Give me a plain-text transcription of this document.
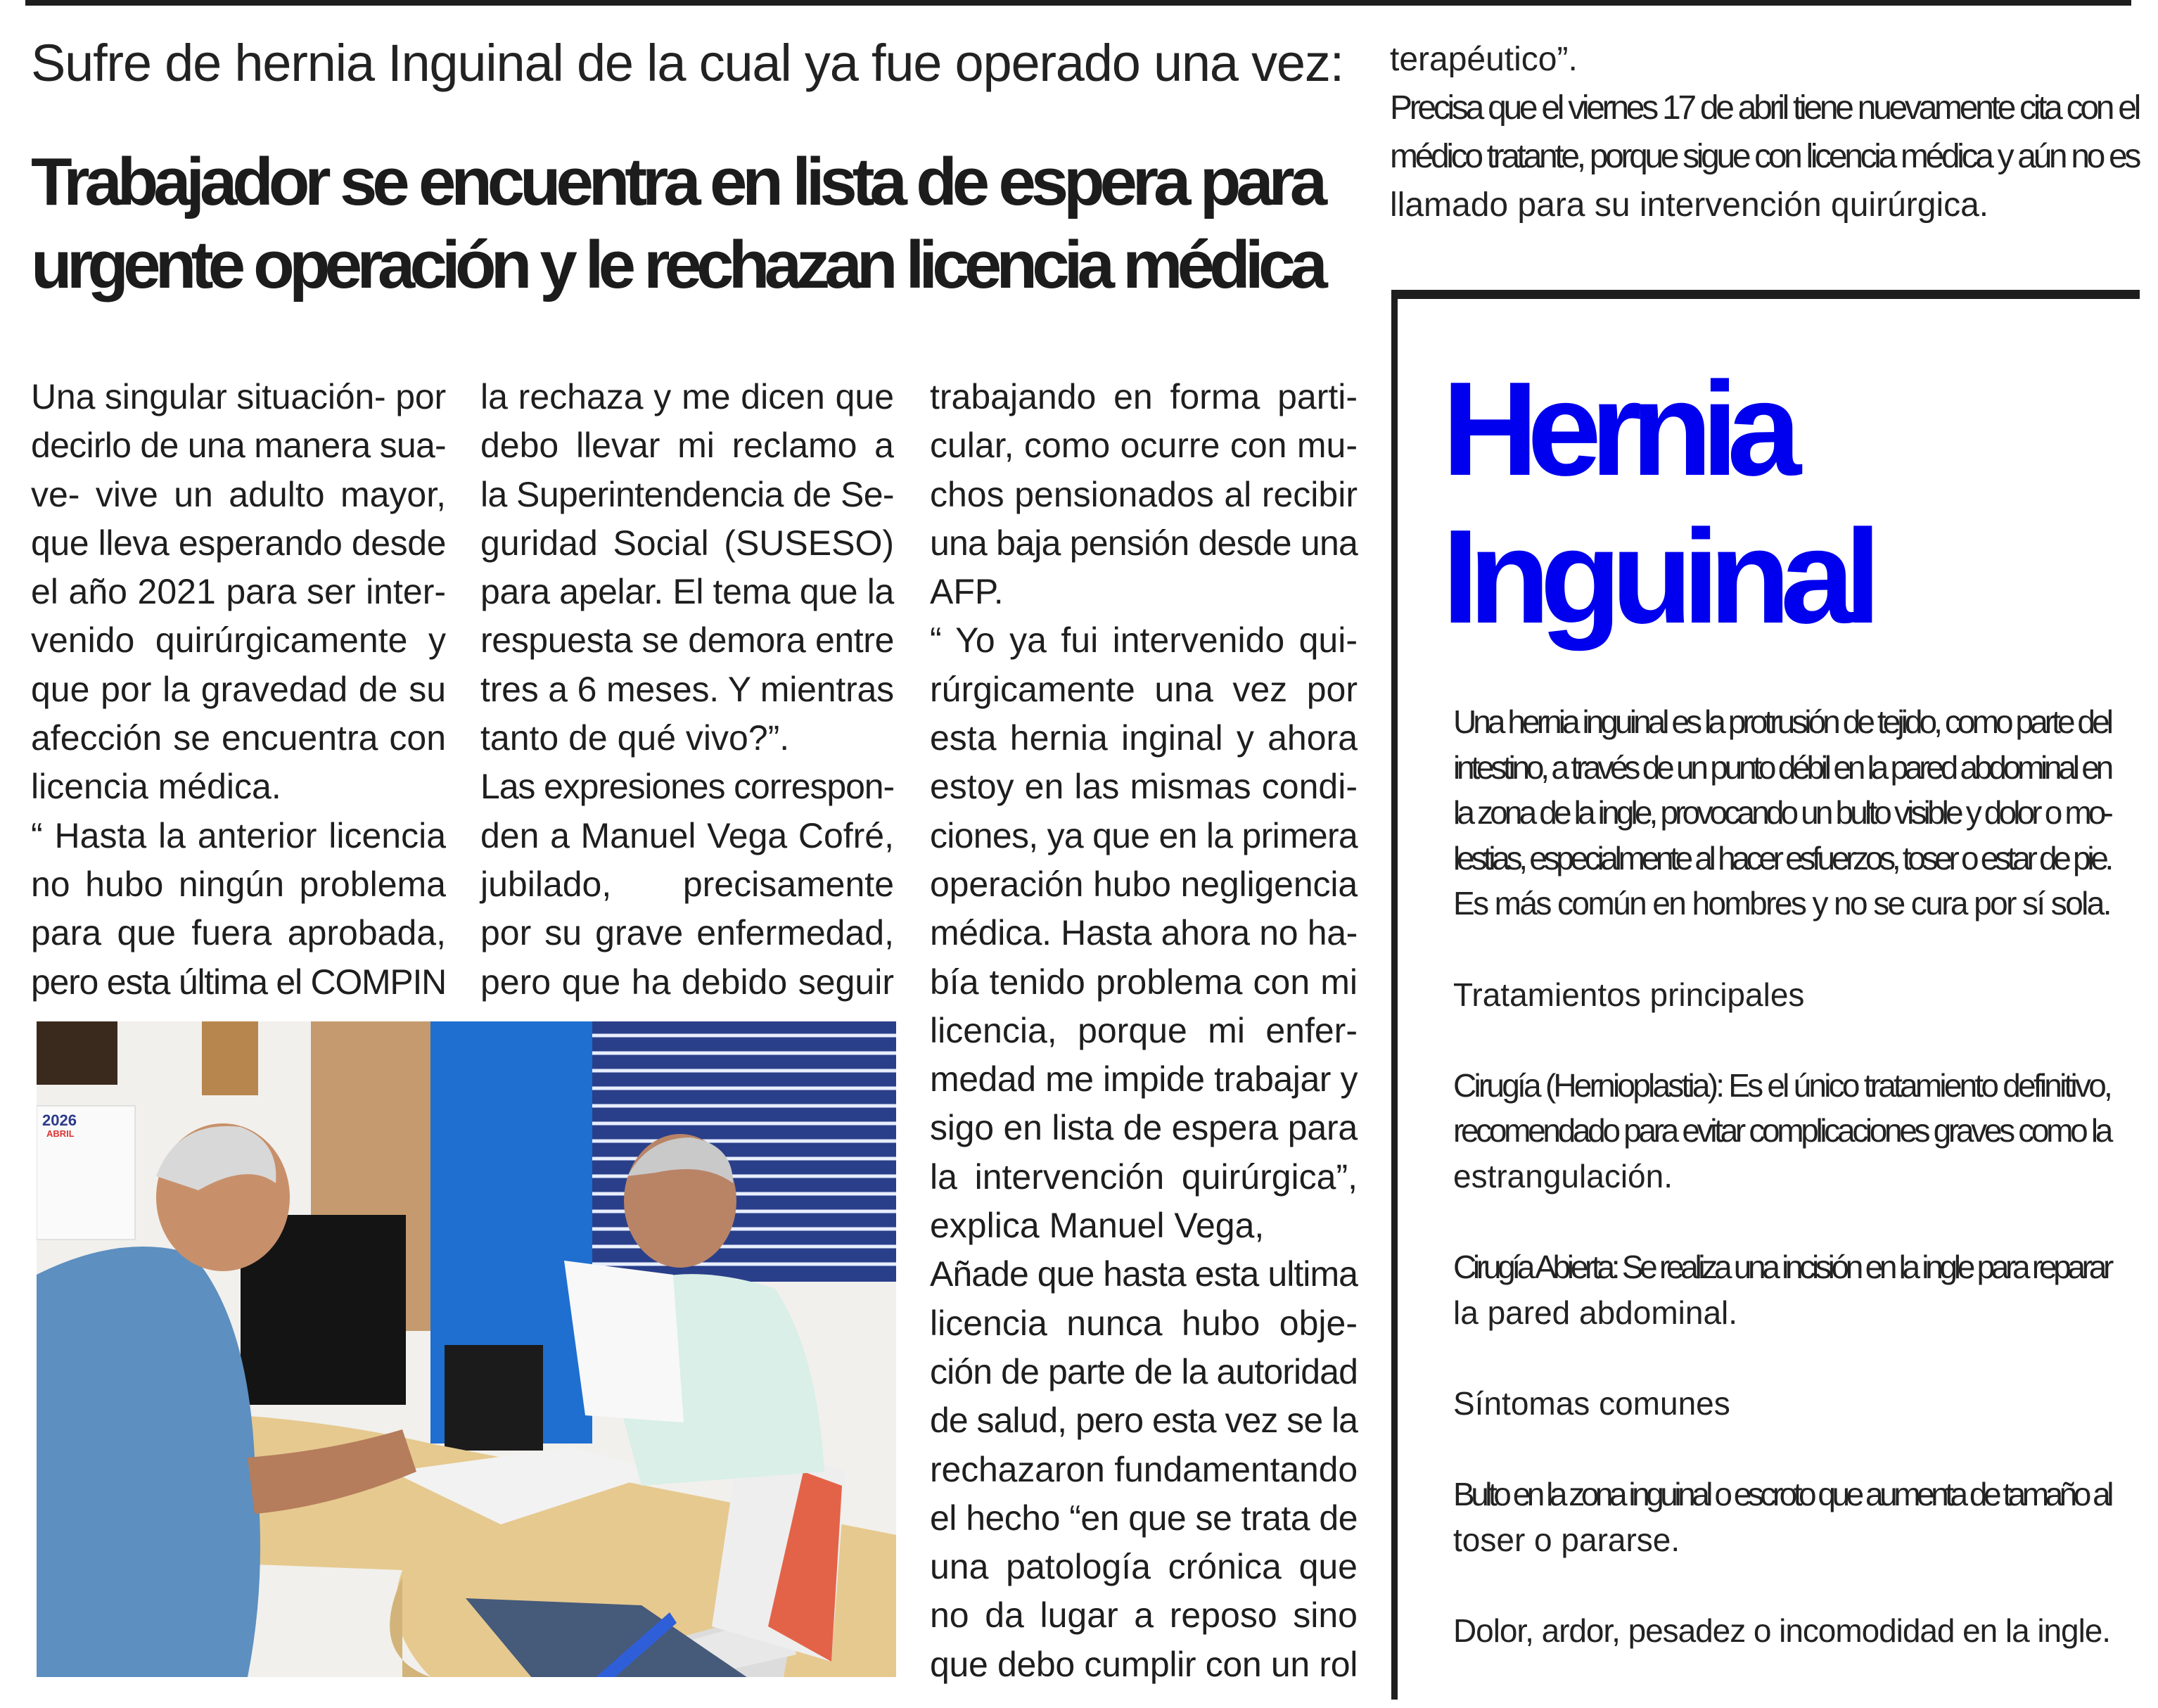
Sufre de hernia Inguinal de la cual ya fue operado una vez:
Trabajador se encuentra en lista de espera para
urgente operación y le rechazan licencia médica
terapéutico”.
Precisa que el viernes 17 de abril tiene nuevamente cita con el
médico tratante, porque sigue con licencia médica y aún no es
llamado para su intervención quirúrgica.
Una singular situación- por
decirlo de una manera sua-
ve- vive un adulto mayor,
que lleva esperando desde
el año 2021 para ser inter-
venido quirúrgicamente y
que por la gravedad de su
afección se encuentra con
licencia médica.
“ Hasta la anterior licencia
no hubo ningún problema
para que fuera aprobada,
pero esta última el COMPIN
la rechaza y me dicen que
debo llevar mi reclamo a
la Superintendencia de Se-
guridad Social (SUSESO)
para apelar. El tema que la
respuesta se demora entre
tres a 6 meses. Y mientras
tanto de qué vivo?”.
Las expresiones correspon-
den a Manuel Vega Cofré,
jubilado, precisamente
por su grave enfermedad,
pero que ha debido seguir
trabajando en forma parti-
cular, como ocurre con mu-
chos pensionados al recibir
una baja pensión desde una
AFP.
“ Yo ya fui intervenido qui-
rúrgicamente una vez por
esta hernia inginal y ahora
estoy en las mismas condi-
ciones, ya que en la primera
operación hubo negligencia
médica. Hasta ahora no ha-
bía tenido problema con mi
licencia, porque mi enfer-
medad me impide trabajar y
sigo en lista de espera para
la intervención quirúrgica”,
explica Manuel Vega,
Añade que hasta esta ultima
licencia nunca hubo obje-
ción de parte de la autoridad
de salud, pero esta vez se la
rechazaron fundamentando
el hecho “en que se trata de
una patología crónica que
no da lugar a reposo sino
que debo cumplir con un rol
2026
ABRIL
Hernia
Inguinal
Una hernia inguinal es la protrusión de tejido, como parte del
intestino, a través de un punto débil en la pared abdominal en
la zona de la ingle, provocando un bulto visible y dolor o mo-
lestias, especialmente al hacer esfuerzos, toser o estar de pie.
Es más común en hombres y no se cura por sí sola.
Tratamientos principales
Cirugía (Hernioplastia): Es el único tratamiento definitivo,
recomendado para evitar complicaciones graves como la
estrangulación.
Cirugía Abierta: Se realiza una incisión en la ingle para reparar
la pared abdominal.
Síntomas comunes
Bulto en la zona inguinal o escroto que aumenta de tamaño al
toser o pararse.
Dolor, ardor, pesadez o incomodidad en la ingle.
